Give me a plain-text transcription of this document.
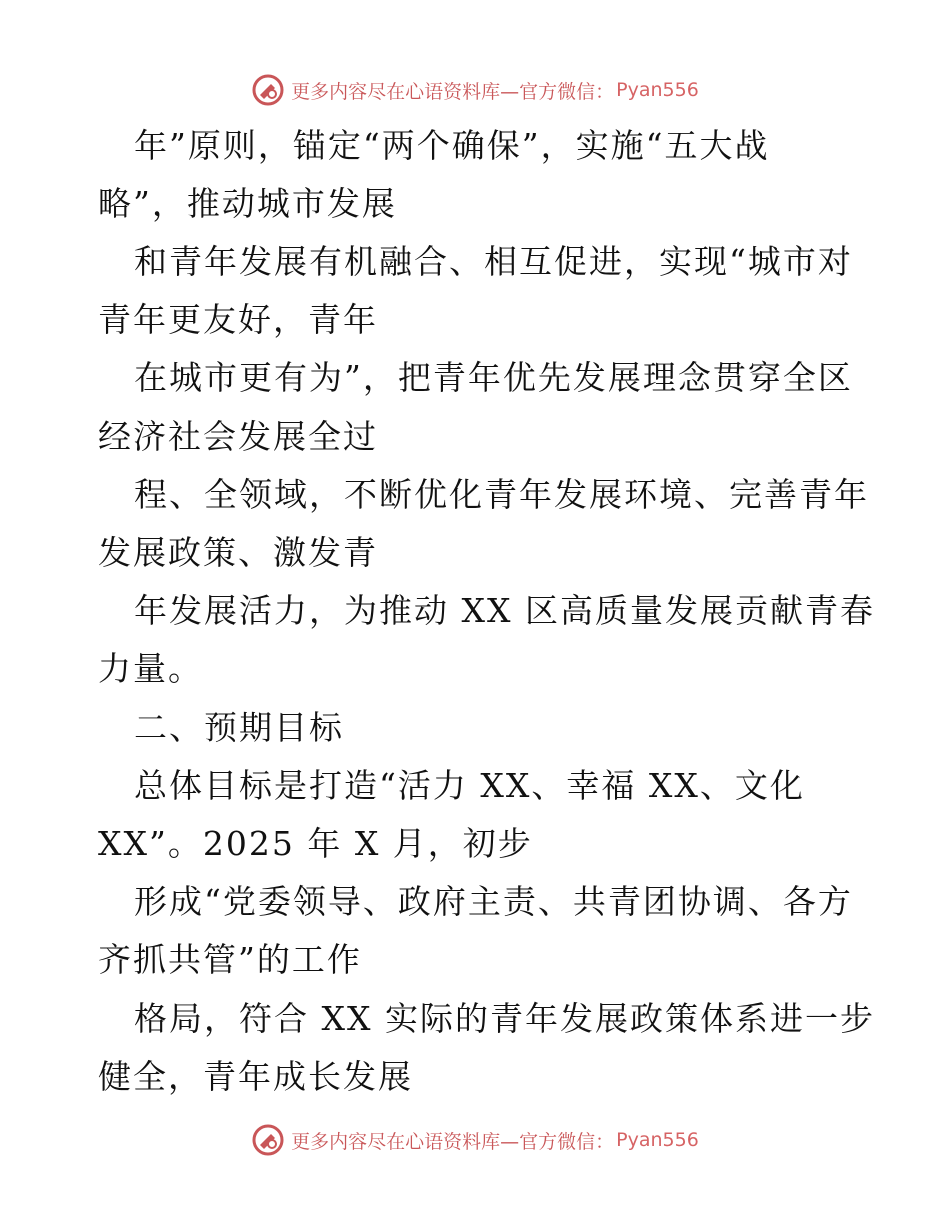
更多内容尽在心语资料库—官方微信： Pyan556
年”原则，锚定“两个确保”，实施“五大战
略”，推动城市发展
和青年发展有机融合、相互促进，实现“城市对
青年更友好，青年
在城市更有为”，把青年优先发展理念贯穿全区
经济社会发展全过
程、全领域，不断优化青年发展环境、完善青年
发展政策、激发青
年发展活力，为推动 XX 区高质量发展贡献青春
力量。
二、预期目标
总体目标是打造“活力 XX、幸福 XX、文化
XX”。2025 年 X 月，初步
形成“党委领导、政府主责、共青团协调、各方
齐抓共管”的工作
格局，符合 XX 实际的青年发展政策体系进一步
健全，青年成长发展
更多内容尽在心语资料库—官方微信： Pyan556
